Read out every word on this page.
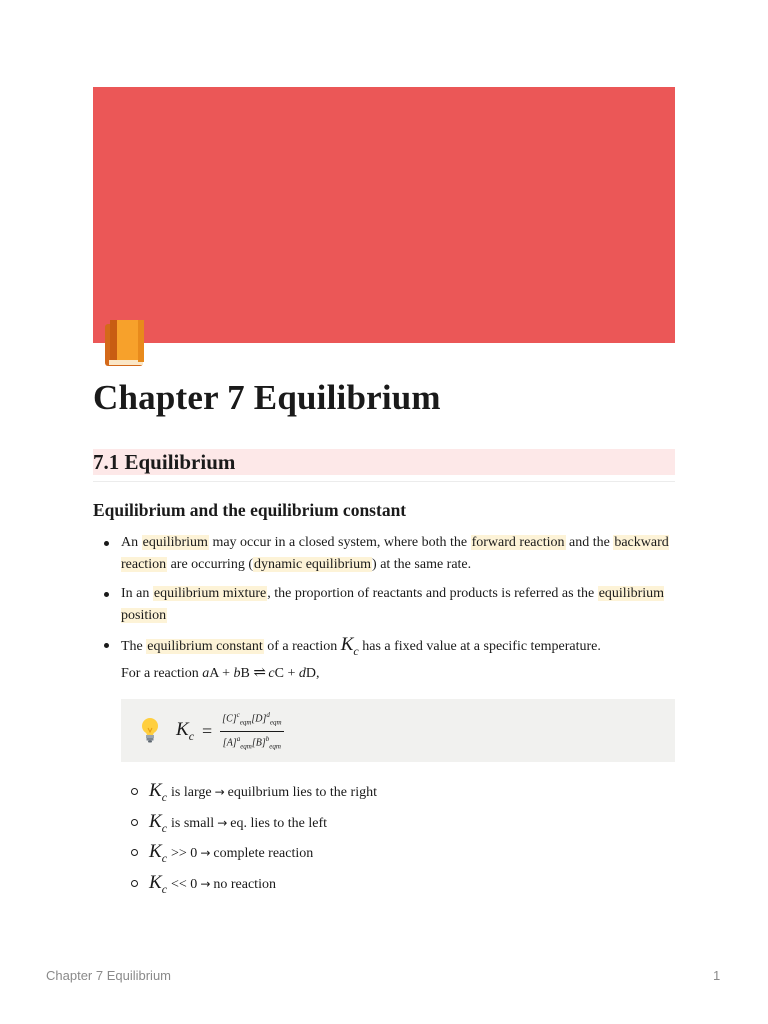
Chapter 7 Equilibrium
7.1 Equilibrium
Equilibrium and the equilibrium constant
An equilibrium may occur in a closed system, where both the forward reaction and the backward reaction are occurring (dynamic equilibrium) at the same rate.
In an equilibrium mixture, the proportion of reactants and products is referred as the equilibrium position
The equilibrium constant of a reaction $K_c$ has a fixed value at a specific temperature.
For a reaction aA + bB ⇌ cC + dD,
$K_c = \frac{[C]^c_{eqm}[D]^d_{eqm}}{[A]^a_{eqm}[B]^b_{eqm}}$
$K_c$ is large → equilbrium lies to the right
$K_c$ is small → eq. lies to the left
$K_c >> 0$ → complete reaction
$K_c << 0$ → no reaction
Chapter 7 Equilibrium	1
